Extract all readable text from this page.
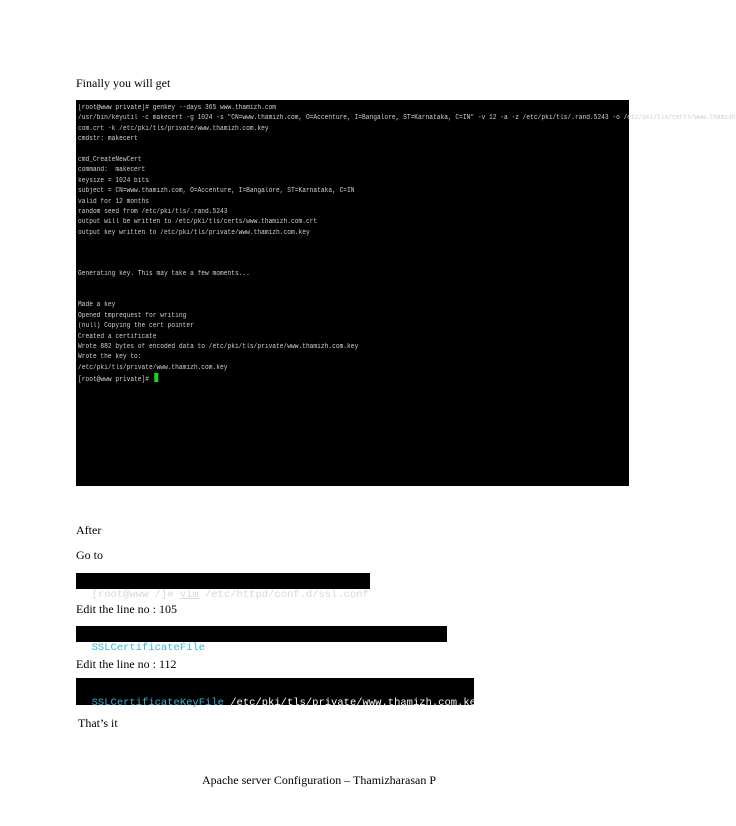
Finally you will get
[root@www private]# genkey --days 365 www.thamizh.com
/usr/bin/keyutil -c makecert -g 1024 -s "CN=www.thamizh.com, O=Accenture, I=Bangalore, ST=Karnataka, C=IN" -v 12 -a -z /etc/pki/tls/.rand.5243 -o /etc/pki/tls/certs/www.thamizh
com.crt -k /etc/pki/tls/private/www.thamizh.com.key
cmdstr: makecert
cmd_CreateNewCert
command:  makecert
keysize = 1024 bits
subject = CN=www.thamizh.com, O=Accenture, I=Bangalore, ST=Karnataka, C=IN
valid for 12 months
random seed from /etc/pki/tls/.rand.5243
output will be written to /etc/pki/tls/certs/www.thamizh.com.crt
output key written to /etc/pki/tls/private/www.thamizh.com.key
Generating key. This may take a few moments...
Made a key
Opened tmprequest for writing
(null) Copying the cert pointer
Created a certificate
Wrote 882 bytes of encoded data to /etc/pki/tls/private/www.thamizh.com.key
Wrote the key to:
/etc/pki/tls/private/www.thamizh.com.key
[root@www private]#
After
Go to

[root@www /]# vim /etc/httpd/conf.d/ssl.conf

Edit the line no : 105

SSLCertificateFile /etc/pki/tls/certs/www.thamizh.com.crt

Edit the line no : 112

SSLCertificateKeyFile /etc/pki/tls/private/www.thamizh.com.key

That’s it
Apache server Configuration – Thamizharasan P
